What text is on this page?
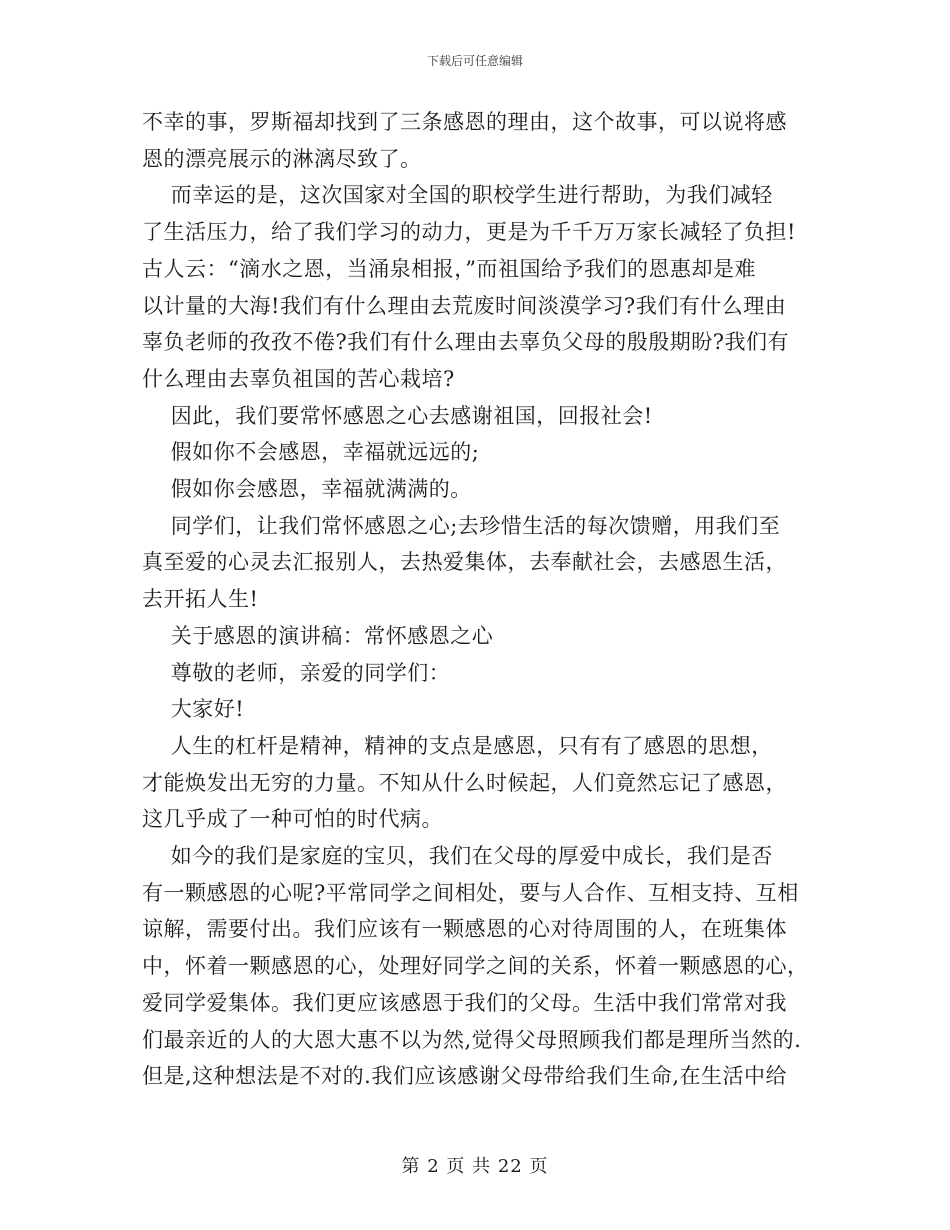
下载后可任意编辑

不幸的事，罗斯福却找到了三条感恩的理由，这个故事，可以说将感

恩的漂亮展示的淋漓尽致了。

而幸运的是，这次国家对全国的职校学生进行帮助，为我们减轻

了生活压力，给了我们学习的动力，更是为千千万万家长减轻了负担!

古人云：“滴水之恩，当涌泉相报，”而祖国给予我们的恩惠却是难

以计量的大海!我们有什么理由去荒废时间淡漠学习?我们有什么理由

辜负老师的孜孜不倦?我们有什么理由去辜负父母的殷殷期盼?我们有

什么理由去辜负祖国的苦心栽培?

因此，我们要常怀感恩之心去感谢祖国，回报社会!

假如你不会感恩，幸福就远远的;

假如你会感恩，幸福就满满的。

同学们，让我们常怀感恩之心;去珍惜生活的每次馈赠，用我们至

真至爱的心灵去汇报别人，去热爱集体，去奉献社会，去感恩生活，

去开拓人生!

关于感恩的演讲稿：常怀感恩之心

尊敬的老师，亲爱的同学们：

大家好!

人生的杠杆是精神，精神的支点是感恩，只有有了感恩的思想，

才能焕发出无穷的力量。不知从什么时候起，人们竟然忘记了感恩，

这几乎成了一种可怕的时代病。

如今的我们是家庭的宝贝，我们在父母的厚爱中成长，我们是否

有一颗感恩的心呢?平常同学之间相处，要与人合作、互相支持、互相

谅解，需要付出。我们应该有一颗感恩的心对待周围的人，在班集体

中，怀着一颗感恩的心，处理好同学之间的关系，怀着一颗感恩的心，

爱同学爱集体。我们更应该感恩于我们的父母。生活中我们常常对我

们最亲近的人的大恩大惠不以为然,觉得父母照顾我们都是理所当然的.

但是,这种想法是不对的.我们应该感谢父母带给我们生命,在生活中给

第 2 页 共 22 页
